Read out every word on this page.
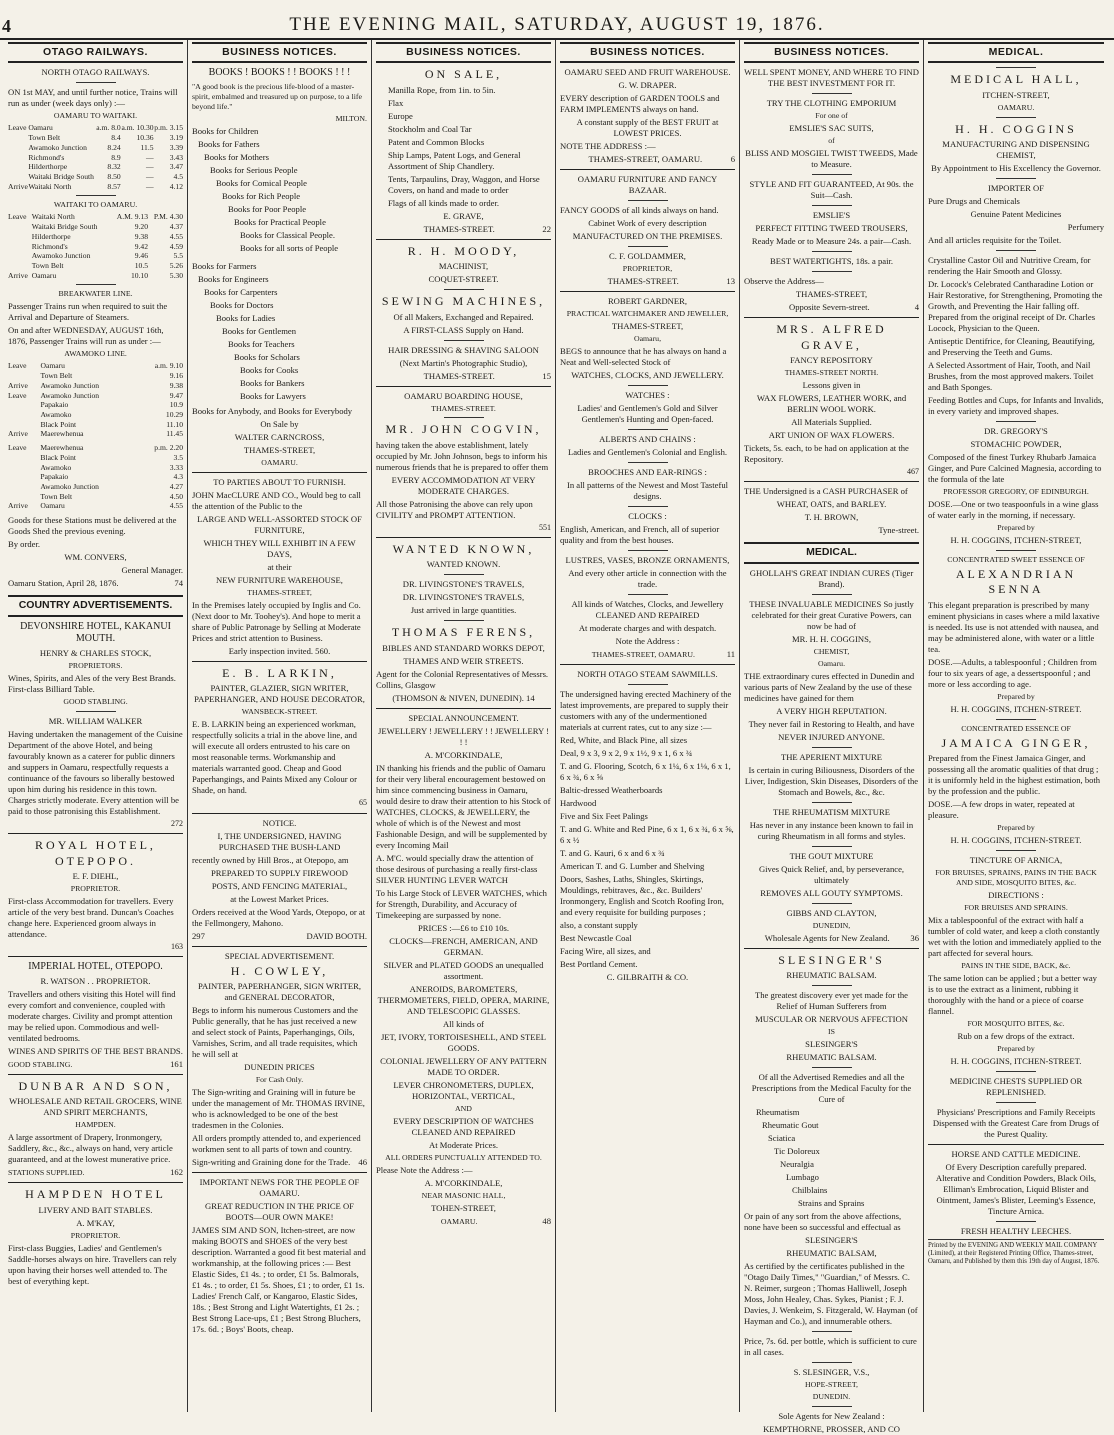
4	THE EVENING MAIL, SATURDAY, AUGUST 19, 1876.
OTAGO RAILWAYS.

NORTH OTAGO RAILWAYS.

ON 1st MAY, and until further notice, Trains will run as under (week days only) :—

OAMARU TO WAITAKI.

Leave	Oamaru	a.m. 8.0	a.m. 10.30	p.m. 3.15
	Town Belt	8.4	10.36	3.19
	Awamoko Junction	8.24	11.5	3.39
	Richmond's	8.9	—	3.43
	Hilderthorpe	8.32	—	3.47
	Waitaki Bridge South	8.50	—	4.5
Arrive	Waitaki North	8.57	—	4.12

WAITAKI TO OAMARU.

Leave	Waitaki North	A.M. 9.13	P.M. 4.30
	Waitaki Bridge South	9.20	4.37
	Hilderthorpe	9.38	4.55
	Richmond's	9.42	4.59
	Awamoko Junction	9.46	5.5
	Town Belt	10.5	5.26
Arrive	Oamaru	10.10	5.30

BREAKWATER LINE.

Passenger Trains run when required to suit the Arrival and Departure of Steamers.

On and after WEDNESDAY, AUGUST 16th, 1876, Passenger Trains will run as under :—

AWAMOKO LINE.

Leave	Oamaru	a.m. 9.10
	Town Belt	9.16
Arrive	Awamoko Junction	9.38
Leave	Awamoko Junction	9.47
	Papakaio	10.9
	Awamoko	10.29
	Black Point	11.10
Arrive	Maerewhenua	11.45
Leave	Maerewhenua	p.m. 2.20
	Black Point	3.5
	Awamoko	3.33
	Papakaio	4.3
	Awamoko Junction	4.27
	Town Belt	4.50
Arrive	Oamaru	4.55

Goods for these Stations must be delivered at the Goods Shed the previous evening.

By order.

WM. CONVERS,

General Manager.

Oamaru Station, April 28, 1876.	74

COUNTRY ADVERTISEMENTS.

DEVONSHIRE HOTEL, KAKANUI MOUTH.

HENRY & CHARLES STOCK,

PROPRIETORS.

Wines, Spirits, and Ales of the very Best Brands. First-class Billiard Table.

GOOD STABLING.

MR. WILLIAM WALKER

Having undertaken the management of the Cuisine Department of the above Hotel, and being favourably known as a caterer for public dinners and suppers in Oamaru, respectfully requests a continuance of the favours so liberally bestowed upon him during his residence in this town. Charges strictly moderate. Every attention will be paid to those patronising this Establishment.

272

ROYAL HOTEL, OTEPOPO.

E. F. DIEHL,

PROPRIETOR.

First-class Accommodation for travellers. Every article of the very best brand. Duncan's Coaches change here. Experienced groom always in attendance.

163

IMPERIAL HOTEL, OTEPOPO.

R. WATSON . . PROPRIETOR.

Travellers and others visiting this Hotel will find every comfort and convenience, coupled with moderate charges. Civility and prompt attention may be relied upon. Commodious and well-ventilated bedrooms.

WINES AND SPIRITS OF THE BEST BRANDS.

GOOD STABLING.	161

DUNBAR AND SON,

WHOLESALE AND RETAIL GROCERS, WINE AND SPIRIT MERCHANTS,

HAMPDEN.

A large assortment of Drapery, Ironmongery, Saddlery, &c., &c., always on hand, very article guaranteed, and at the lowest munerative price.

STATIONS SUPPLIED.	162

HAMPDEN HOTEL

LIVERY AND BAIT STABLES.

A. M'KAY,

PROPRIETOR.

First-class Buggies, Ladies' and Gentlemen's Saddle-horses always on hire. Travellers can rely upon having their horses well attended to. The best of everything kept.

BUSINESS NOTICES.

BOOKS ! BOOKS ! ! BOOKS ! ! !

"A good book is the precious life-blood of a master-spirit, embalmed and treasured up on purpose, to a life beyond life."

MILTON.

Books for Children

Books for Fathers

Books for Mothers

Books for Serious People

Books for Comical People

Books for Rich People

Books for Poor People

Books for Practical People

Books for Classical People.

Books for all sorts of People

Books for Farmers

Books for Engineers

Books for Carpenters

Books for Doctors

Books for Ladies

Books for Gentlemen

Books for Teachers

Books for Scholars

Books for Cooks

Books for Bankers

Books for Lawyers

Books for Anybody, and Books for Everybody

On Sale by

WALTER CARNCROSS,

THAMES-STREET,

OAMARU.

TO PARTIES ABOUT TO FURNISH.

JOHN MacCLURE AND CO., Would beg to call the attention of the Public to the

LARGE AND WELL-ASSORTED STOCK OF FURNITURE,

WHICH THEY WILL EXHIBIT IN A FEW DAYS,

at their

NEW FURNITURE WAREHOUSE,

THAMES-STREET,

In the Premises lately occupied by Inglis and Co. (Next door to Mr. Toohey's). And hope to merit a share of Public Patronage by Selling at Moderate Prices and strict attention to Business.

Early inspection invited. 560.

E. B. LARKIN,

PAINTER, GLAZIER, SIGN WRITER, PAPERHANGER, AND HOUSE DECORATOR,

WANSBECK-STREET.

E. B. LARKIN being an experienced workman, respectfully solicits a trial in the above line, and will execute all orders entrusted to his care on most reasonable terms. Workmanship and materials warranted good. Cheap and Good Paperhangings, and Paints Mixed any Colour or Shade, on hand.

65

NOTICE.

I, THE UNDERSIGNED, HAVING PURCHASED THE BUSH-LAND

recently owned by Hill Bros., at Otepopo, am

PREPARED TO SUPPLY FIREWOOD

POSTS, AND FENCING MATERIAL,

at the Lowest Market Prices.

Orders received at the Wood Yards, Otepopo, or at the Fellmongery, Mahono.

297	DAVID BOOTH.

SPECIAL ADVERTISEMENT.

H. COWLEY,

PAINTER, PAPERHANGER, SIGN WRITER, and GENERAL DECORATOR,

Begs to inform his numerous Customers and the Public generally, that he has just received a new and select stock of Paints, Paperhangings, Oils, Varnishes, Scrim, and all trade requisites, which he will sell at

DUNEDIN PRICES

For Cash Only.

The Sign-writing and Graining will in future be under the management of Mr. THOMAS IRVINE, who is acknowledged to be one of the best tradesmen in the Colonies.

All orders promptly attended to, and experienced workmen sent to all parts of town and country.

Sign-writing and Graining done for the Trade. 46

IMPORTANT NEWS FOR THE PEOPLE OF OAMARU.

GREAT REDUCTION IN THE PRICE OF BOOTS—OUR OWN MAKE!

JAMES SIM AND SON, Itchen-street, are now making BOOTS and SHOES of the very best description. Warranted a good fit best material and workmanship, at the following prices :— Best Elastic Sides, £1 4s. ; to order, £1 5s. Balmorals, £1 4s. ; to order, £1 5s. Shoes, £1 ; to order, £1 1s. Ladies' French Calf, or Kangaroo, Elastic Sides, 18s. ; Best Strong and Light Watertights, £1 2s. ; Best Strong Lace-ups, £1 ; Best Strong Bluchers, 17s. 6d. ; Boys' Boots, cheap.

BUSINESS NOTICES.

ON SALE,

Manilla Rope, from 1in. to 5in.

Flax

Europe

Stockholm and Coal Tar

Patent and Common Blocks

Ship Lamps, Patent Logs, and General Assortment of Ship Chandlery.

Tents, Tarpaulins, Dray, Waggon, and Horse Covers, on hand and made to order

Flags of all kinds made to order.

E. GRAVE,

THAMES-STREET.	22

R. H. MOODY,

MACHINIST,

COQUET-STREET.

SEWING MACHINES,

Of all Makers, Exchanged and Repaired.

A FIRST-CLASS Supply on Hand.

HAIR DRESSING & SHAVING SALOON

(Next Martin's Photographic Studio),

THAMES-STREET.	15

OAMARU BOARDING HOUSE,

THAMES-STREET.

MR. JOHN COGVIN,

having taken the above establishment, lately occupied by Mr. John Johnson, begs to inform his numerous friends that he is prepared to offer them

EVERY ACCOMMODATION AT VERY MODERATE CHARGES.

All those Patronising the above can rely upon CIVILITY and PROMPT ATTENTION.

551

WANTED KNOWN,

WANTED KNOWN.

DR. LIVINGSTONE'S TRAVELS,

DR. LIVINGSTONE'S TRAVELS,

Just arrived in large quantities.

THOMAS FERENS,

BIBLES AND STANDARD WORKS DEPOT,

THAMES AND WEIR STREETS.

Agent for the Colonial Representatives of Messrs. Collins, Glasgow

(THOMSON & NIVEN, DUNEDIN). 14

SPECIAL ANNOUNCEMENT.

JEWELLERY ! JEWELLERY ! ! JEWELLERY ! ! !

A. M'CORKINDALE,

IN thanking his friends and the public of Oamaru for their very liberal encouragement bestowed on him since commencing business in Oamaru, would desire to draw their attention to his Stock of WATCHES, CLOCKS, & JEWELLERY, the whole of which is of the Newest and most Fashionable Design, and will be supplemented by every Incoming Mail

A. M'C. would specially draw the attention of those desirous of purchasing a really first-class SILVER HUNTING LEVER WATCH

To his Large Stock of LEVER WATCHES, which for Strength, Durability, and Accuracy of Timekeeping are surpassed by none.

PRICES :—£6 to £10 10s.

CLOCKS—FRENCH, AMERICAN, AND GERMAN.

SILVER and PLATED GOODS an unequalled assortment.

ANEROIDS, BAROMETERS, THERMOMETERS, FIELD, OPERA, MARINE, AND TELESCOPIC GLASSES.

All kinds of

JET, IVORY, TORTOISESHELL, AND STEEL GOODS.

COLONIAL JEWELLERY OF ANY PATTERN MADE TO ORDER.

LEVER CHRONOMETERS, DUPLEX, HORIZONTAL, VERTICAL,

AND

EVERY DESCRIPTION OF WATCHES CLEANED AND REPAIRED

At Moderate Prices.

ALL ORDERS PUNCTUALLY ATTENDED TO.

Please Note the Address :—

A. M'CORKINDALE,

NEAR MASONIC HALL,

TOHEN-STREET,

OAMARU.	48

BUSINESS NOTICES.

OAMARU SEED AND FRUIT WAREHOUSE.

G. W. DRAPER.

EVERY description of GARDEN TOOLS and FARM IMPLEMENTS always on hand.

A constant supply of the BEST FRUIT at LOWEST PRICES.

NOTE THE ADDRESS :—

THAMES-STREET, OAMARU.	6

OAMARU FURNITURE AND FANCY BAZAAR.

FANCY GOODS of all kinds always on hand.

Cabinet Work of every description

MANUFACTURED ON THE PREMISES.

C. F. GOLDAMMER,

PROPRIETOR,

THAMES-STREET.	13

ROBERT GARDNER,

PRACTICAL WATCHMAKER AND JEWELLER,

THAMES-STREET,

Oamaru,

BEGS to announce that he has always on hand a Neat and Well-selected Stock of

WATCHES, CLOCKS, AND JEWELLERY.

WATCHES :

Ladies' and Gentlemen's Gold and Silver Gentlemen's Hunting and Open-faced.

ALBERTS AND CHAINS :

Ladies and Gentlemen's Colonial and English.

BROOCHES AND EAR-RINGS :

In all patterns of the Newest and Most Tasteful designs.

CLOCKS :

English, American, and French, all of superior quality and from the best houses.

LUSTRES, VASES, BRONZE ORNAMENTS,

And every other article in connection with the trade.

All kinds of Watches, Clocks, and Jewellery CLEANED AND REPAIRED

At moderate charges and with despatch.

Note the Address :

THAMES-STREET, OAMARU.	11

NORTH OTAGO STEAM SAWMILLS.

The undersigned having erected Machinery of the latest improvements, are prepared to supply their customers with any of the undermentioned materials at current rates, cut to any size :—

Red, White, and Black Pine, all sizes

Deal, 9 x 3, 9 x 2, 9 x 1½, 9 x 1, 6 x ¾

T. and G. Flooring, Scotch, 6 x 1¼, 6 x 1⅛, 6 x 1, 6 x ¾, 6 x ⅝

Baltic-dressed Weatherboards

Hardwood

Five and Six Feet Palings

T. and G. White and Red Pine, 6 x 1, 6 x ¾, 6 x ⅝, 6 x ½

T. and G. Kauri, 6 x and 6 x ¾

American T. and G. Lumber and Shelving

Doors, Sashes, Laths, Shingles, Skirtings, Mouldings, rebitraves, &c., &c. Builders' Ironmongery, English and Scotch Roofing Iron, and every requisite for building purposes ;

also, a constant supply

Best Newcastle Coal

Facing Wire, all sizes, and

Best Portland Cement.

C. GILBRAITH & CO.

BUSINESS NOTICES.

WELL SPENT MONEY, AND WHERE TO FIND THE BEST INVESTMENT FOR IT.

TRY THE CLOTHING EMPORIUM

For one of

EMSLIE'S SAC SUITS,

of

BLISS AND MOSGIEL TWIST TWEEDS, Made to Measure.

STYLE AND FIT GUARANTEED, At 90s. the Suit—Cash.

EMSLIE'S

PERFECT FITTING TWEED TROUSERS,

Ready Made or to Measure 24s. a pair—Cash.

BEST WATERTIGHTS, 18s. a pair.

Observe the Address—

THAMES-STREET,

Opposite Severn-street.	4

MRS. ALFRED GRAVE,

FANCY REPOSITORY

THAMES-STREET NORTH.

Lessons given in

WAX FLOWERS, LEATHER WORK, and BERLIN WOOL WORK.

All Materials Supplied.

ART UNION OF WAX FLOWERS.

Tickets, 5s. each, to be had on application at the Repository.

467

THE Undersigned is a CASH PURCHASER of

WHEAT, OATS, and BARLEY.

T. H. BROWN,

Tyne-street.

MEDICAL.

GHOLLAH'S GREAT INDIAN CURES (Tiger Brand).

THESE INVALUABLE MEDICINES So justly celebrated for their great Curative Powers, can now be had of

MR. H. H. COGGINS,

CHEMIST,

Oamaru.

THE extraordinary cures effected in Dunedin and various parts of New Zealand by the use of these medicines have gained for them

A VERY HIGH REPUTATION.

They never fail in Restoring to Health, and have

NEVER INJURED ANYONE.

THE APERIENT MIXTURE

Is certain in curing Biliousness, Disorders of the Liver, Indigestion, Skin Diseases, Disorders of the Stomach and Bowels, &c., &c.

THE RHEUMATISM MIXTURE

Has never in any instance been known to fail in curing Rheumatism in all forms and styles.

THE GOUT MIXTURE

Gives Quick Relief, and, by perseverance, ultimately

REMOVES ALL GOUTY SYMPTOMS.

GIBBS AND CLAYTON,

DUNEDIN,

Wholesale Agents for New Zealand. 36

SLESINGER'S

RHEUMATIC BALSAM.

The greatest discovery ever yet made for the Relief of Human Sufferers from

MUSCULAR OR NERVOUS AFFECTION

IS

SLESINGER'S

RHEUMATIC BALSAM.

Of all the Advertised Remedies and all the Prescriptions from the Medical Faculty for the Cure of

Rheumatism

Rheumatic Gout

Sciatica

Tic Doloreux

Neuralgia

Lumbago

Chilblains

Strains and Sprains

Or pain of any sort from the above affections, none have been so successful and effectual as

SLESINGER'S

RHEUMATIC BALSAM,

As certified by the certificates published in the "Otago Daily Times," "Guardian," of Messrs. C. N. Reimer, surgeon ; Thomas Halliwell, Joseph Moss, John Healey, Chas. Sykes, Pianist ; F. J. Davies, J. Wenkeim, S. Fitzgerald, W. Hayman (of Hayman and Co.), and innumerable others.

Price, 7s. 6d. per bottle, which is sufficient to cure in all cases.

S. SLESINGER, V.S.,

HOPE-STREET,

DUNEDIN.

Sole Agents for New Zealand :

KEMPTHORNE, PROSSER, AND CO

MEDICAL.

MEDICAL HALL,

ITCHEN-STREET,

OAMARU.

H. H. COGGINS

MANUFACTURING AND DISPENSING CHEMIST,

By Appointment to His Excellency the Governor.

IMPORTER OF

Pure Drugs and Chemicals

Genuine Patent Medicines

Perfumery

And all articles requisite for the Toilet.

Crystalline Castor Oil and Nutritive Cream, for rendering the Hair Smooth and Glossy.

Dr. Locock's Celebrated Cantharadine Lotion or Hair Restorative, for Strengthening, Promoting the Growth, and Preventing the Hair falling off. Prepared from the original receipt of Dr. Charles Locock, Physician to the Queen.

Antiseptic Dentifrice, for Cleaning, Beautifying, and Preserving the Teeth and Gums.

A Selected Assortment of Hair, Tooth, and Nail Brushes, from the most approved makers. Toilet and Bath Sponges.

Feeding Bottles and Cups, for Infants and Invalids, in every variety and improved shapes.

DR. GREGORY'S

STOMACHIC POWDER,

Composed of the finest Turkey Rhubarb Jamaica Ginger, and Pure Calcined Magnesia, according to the formula of the late

PROFESSOR GREGORY, OF EDINBURGH.

DOSE.—One or two teaspoonfuls in a wine glass of water early in the morning, if necessary.

Prepared by

H. H. COGGINS, ITCHEN-STREET,

CONCENTRATED SWEET ESSENCE OF

ALEXANDRIAN SENNA

This elegant preparation is prescribed by many eminent physicians in cases where a mild laxative is needed. Its use is not attended with nausea, and may be administered alone, with water or a little tea.

DOSE.—Adults, a tablespoonful ; Children from four to six years of age, a dessertspoonful ; and more or less according to age.

Prepared by

H. H. COGGINS, ITCHEN-STREET.

CONCENTRATED ESSENCE OF

JAMAICA GINGER,

Prepared from the Finest Jamaica Ginger, and possessing all the aromatic qualities of that drug ; it is uniformly held in the highest estimation, both by the profession and the public.

DOSE.—A few drops in water, repeated at pleasure.

Prepared by

H. H. COGGINS, ITCHEN-STREET.

TINCTURE OF ARNICA,

FOR BRUISES, SPRAINS, PAINS IN THE BACK AND SIDE, MOSQUITO BITES, &c.

DIRECTIONS :

FOR BRUISES AND SPRAINS.

Mix a tablespoonful of the extract with half a tumbler of cold water, and keep a cloth constantly wet with the lotion and immediately applied to the part affected for several hours.

PAINS IN THE SIDE, BACK, &c.

The same lotion can be applied ; but a better way is to use the extract as a liniment, rubbing it thoroughly with the hand or a piece of coarse flannel.

FOR MOSQUITO BITES, &c.

Rub on a few drops of the extract.

Prepared by

H. H. COGGINS, ITCHEN-STREET.

MEDICINE CHESTS SUPPLIED OR REPLENISHED.

Physicians' Prescriptions and Family Receipts Dispensed with the Greatest Care from Drugs of the Purest Quality.

HORSE AND CATTLE MEDICINE.

Of Every Description carefully prepared. Alterative and Condition Powders, Black Oils, Elliman's Embrocation, Liquid Blister and Ointment, James's Blister, Leeming's Essence, Tincture Arnica.

FRESH HEALTHY LEECHES.

Printed by the EVENING AND WEEKLY MAIL COMPANY (Limited), at their Registered Printing Office, Thames-street, Oamaru, and Published by them this 19th day of August, 1876.
